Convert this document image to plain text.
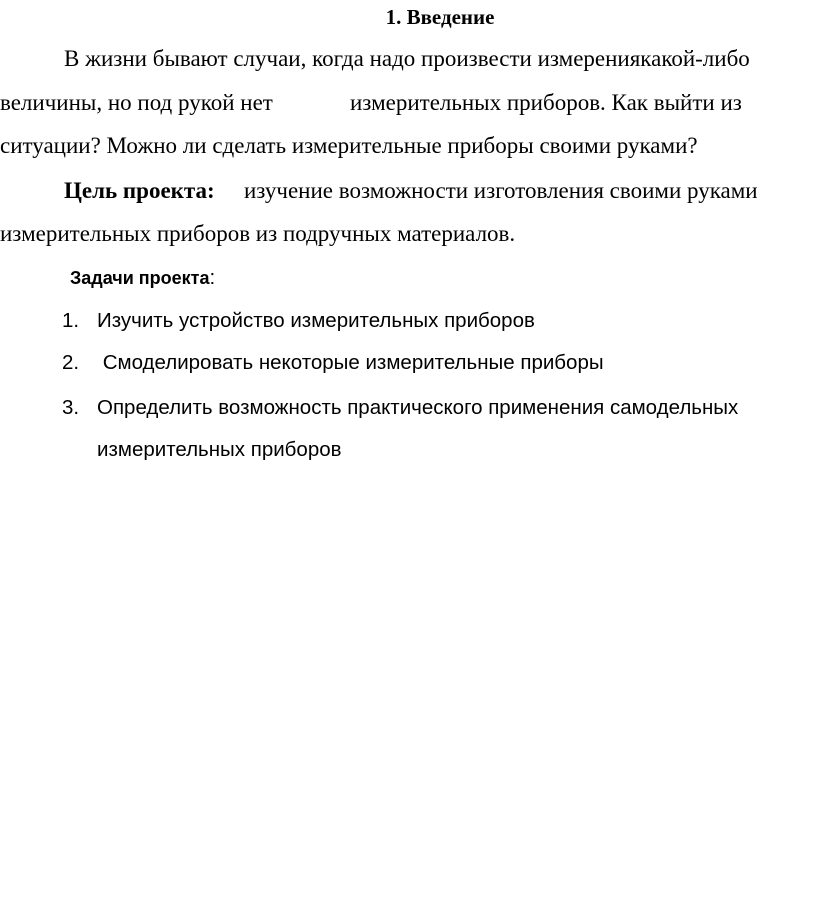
1. Введение
В жизни бывают случаи, когда надо произвести измерениякакой-либо
величины, но под рукой нет	измерительных приборов. Как выйти из
ситуации? Можно ли сделать измерительные приборы своими руками?
Цель проекта: изучение возможности изготовления своими руками
измерительных приборов из подручных материалов.
Задачи проекта:
1. Изучить устройство измерительных приборов
2. Смоделировать некоторые измерительные приборы
3. Определить возможность практического применения самодельных
измерительных приборов
